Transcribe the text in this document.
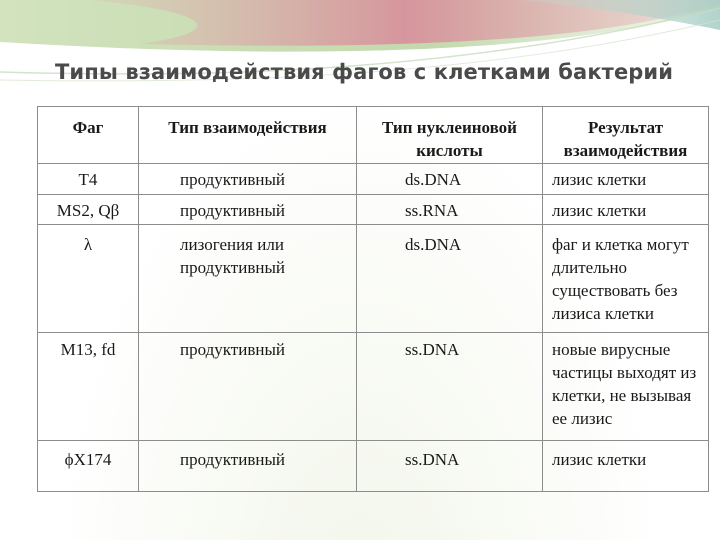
Типы взаимодействия фагов с клетками бактерий
Фаг	Тип взаимодействия	Тип нуклеиновой кислоты	Результат взаимодействия
T4	продуктивный	ds.DNA	лизис клетки
MS2, Qβ	продуктивный	ss.RNA	лизис клетки
λ	лизогения или продуктивный	ds.DNA	фаг и клетка могут длительно существовать без лизиса клетки
M13, fd	продуктивный	ss.DNA	новые вирусные частицы выходят из клетки, не вызывая ее лизис
ϕX174	продуктивный	ss.DNA	лизис клетки
